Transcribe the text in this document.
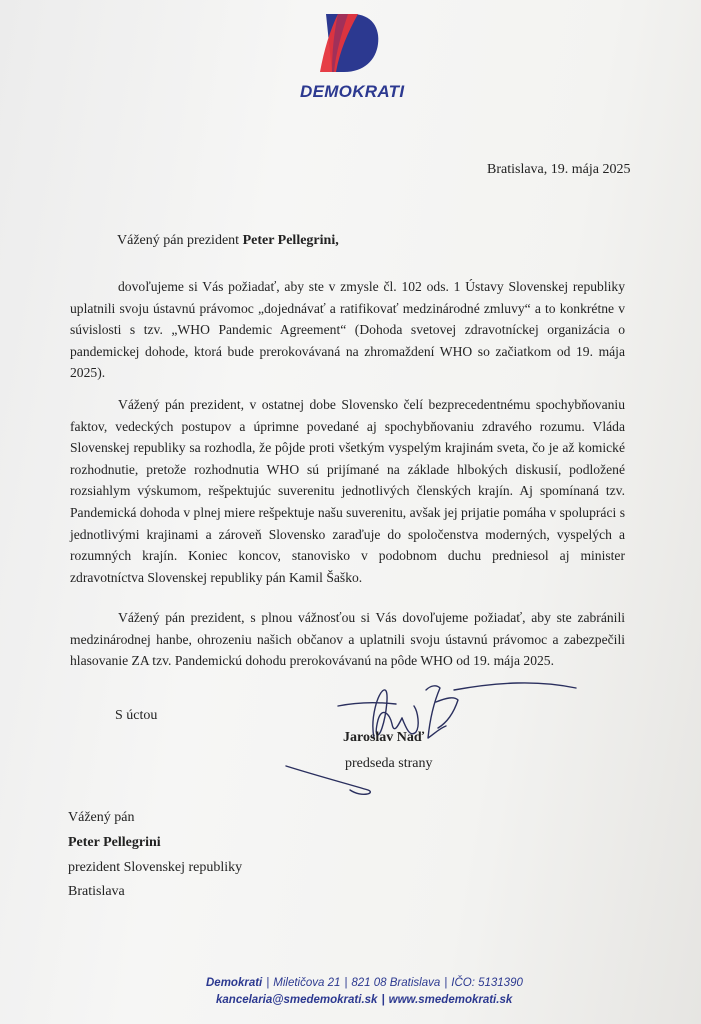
DEMOKRATI
Bratislava, 19. mája 2025
Vážený pán prezident Peter Pellegrini,
dovoľujeme si Vás požiadať, aby ste v zmysle čl. 102 ods. 1 Ústavy Slovenskej republiky uplatnili svoju ústavnú právomoc „dojednávať a ratifikovať medzinárodné zmluvy“ a to konkrétne v súvislosti s tzv. „WHO Pandemic Agreement“ (Dohoda svetovej zdravotníckej organizácia o pandemickej dohode, ktorá bude prerokovávaná na zhromaždení WHO so začiatkom od 19. mája 2025).
Vážený pán prezident, v ostatnej dobe Slovensko čelí bezprecedentnému spochybňovaniu faktov, vedeckých postupov a úprimne povedané aj spochybňovaniu zdravého rozumu. Vláda Slovenskej republiky sa rozhodla, že pôjde proti všetkým vyspelým krajinám sveta, čo je až komické rozhodnutie, pretože rozhodnutia WHO sú prijímané na základe hlbokých diskusií, podložené rozsiahlym výskumom, rešpektujúc suverenitu jednotlivých členských krajín. Aj spomínaná tzv. Pandemická dohoda v plnej miere rešpektuje našu suverenitu, avšak jej prijatie pomáha v spolupráci s jednotlivými krajinami a zároveň Slovensko zaraďuje do spoločenstva moderných, vyspelých a rozumných krajín. Koniec koncov, stanovisko v podobnom duchu predniesol aj minister zdravotníctva Slovenskej republiky pán Kamil Šaško.
Vážený pán prezident, s plnou vážnosťou si Vás dovoľujeme požiadať, aby ste zabránili medzinárodnej hanbe, ohrozeniu našich občanov a uplatnili svoju ústavnú právomoc a zabezpečili hlasovanie ZA tzv. Pandemickú dohodu prerokovávanú na pôde WHO od 19. mája 2025.
S úctou
Jaroslav Naď
predseda strany
Vážený pán
Peter Pellegrini
prezident Slovenskej republiky
Bratislava
Demokrati | Miletičova 21 | 821 08 Bratislava | IČO: 5131390
kancelaria@smedemokrati.sk | www.smedemokrati.sk
